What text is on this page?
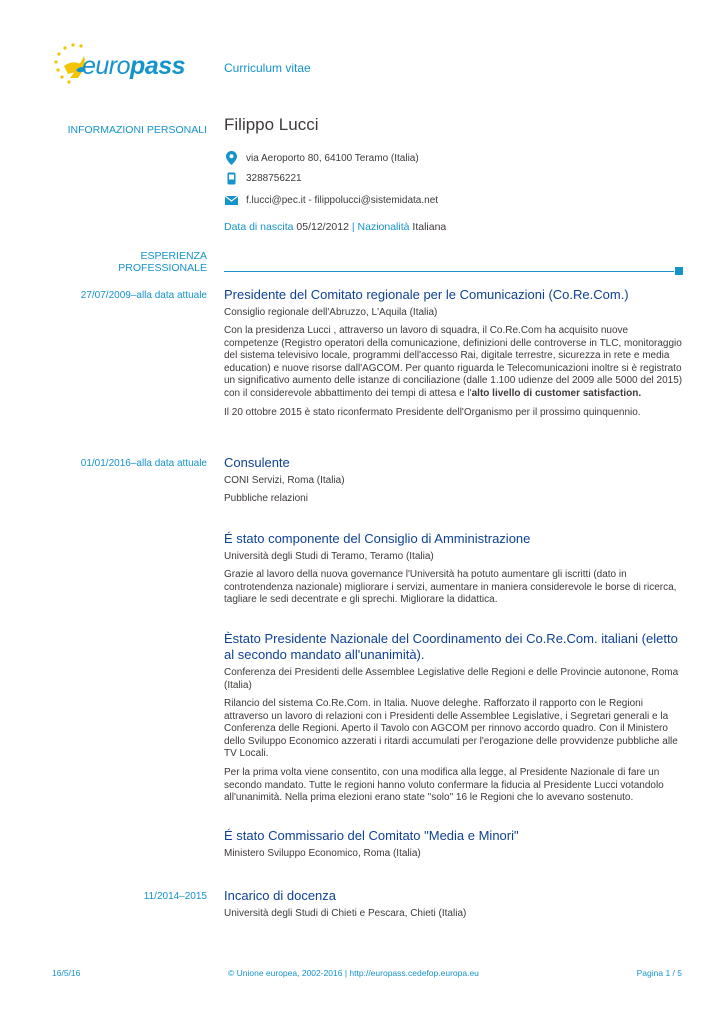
europass	Curriculum vitae
INFORMAZIONI PERSONALI Filippo Lucci
via Aeroporto 80, 64100 Teramo (Italia)
3288756221
f.lucci@pec.it - filippolucci@sistemidata.net
Data di nascita 05/12/2012 | Nazionalità Italiana
ESPERIENZA
PROFESSIONALE
27/07/2009–alla data attuale Presidente del Comitato regionale per le Comunicazioni (Co.Re.Com.)
Consiglio regionale dell'Abruzzo, L'Aquila (Italia)
Con la presidenza Lucci , attraverso un lavoro di squadra, il Co.Re.Com ha acquisito nuove competenze (Registro operatori della comunicazione, definizioni delle controverse in TLC, monitoraggio del sistema televisivo locale, programmi dell'accesso Rai, digitale terrestre, sicurezza in rete e media education) e nuove risorse dall'AGCOM. Per quanto riguarda le Telecomunicazioni inoltre si è registrato un significativo aumento delle istanze di conciliazione (dalle 1.100 udienze del 2009 alle 5000 del 2015) con il considerevole abbattimento dei tempi di attesa e l'alto livello di customer satisfaction.
Il 20 ottobre 2015 è stato riconfermato Presidente dell'Organismo per il prossimo quinquennio.
01/01/2016–alla data attuale Consulente
CONI Servizi, Roma (Italia)
Pubbliche relazioni
É stato componente del Consiglio di Amministrazione
Università degli Studi di Teramo, Teramo (Italia)
Grazie al lavoro della nuova governance l'Università ha potuto aumentare gli iscritti (dato in controtendenza nazionale) migliorare i servizi, aumentare in maniera considerevole le borse di ricerca, tagliare le sedi decentrate e gli sprechi. Migliorare la didattica.
Èstato Presidente Nazionale del Coordinamento dei Co.Re.Com. italiani (eletto al secondo mandato all'unanimità).
Conferenza dei Presidenti delle Assemblee Legislative delle Regioni e delle Provincie autonone, Roma (Italia)
Rilancio del sistema Co.Re.Com. in Italia. Nuove deleghe. Rafforzato il rapporto con le Regioni attraverso un lavoro di relazioni con i Presidenti delle Assemblee Legislative, i Segretari generali e la Conferenza delle Regioni. Aperto il Tavolo con AGCOM per rinnovo accordo quadro. Con il Ministero dello Sviluppo Economico azzerati i ritardi accumulati per l'erogazione delle provvidenze pubbliche alle TV Locali.
Per la prima volta viene consentito, con una modifica alla legge, al Presidente Nazionale di fare un secondo mandato. Tutte le regioni hanno voluto confermare la fiducia al Presidente Lucci votandolo all'unanimità. Nella prima elezioni erano state "solo" 16 le Regioni che lo avevano sostenuto.
É stato Commissario del Comitato "Media e Minori"
Ministero Sviluppo Economico, Roma (Italia)
11/2014–2015 Incarico di docenza
Università degli Studi di Chieti e Pescara, Chieti (Italia)
16/5/16	© Unione europea, 2002-2016 | http://europass.cedefop.europa.eu	Pagina 1 / 5
